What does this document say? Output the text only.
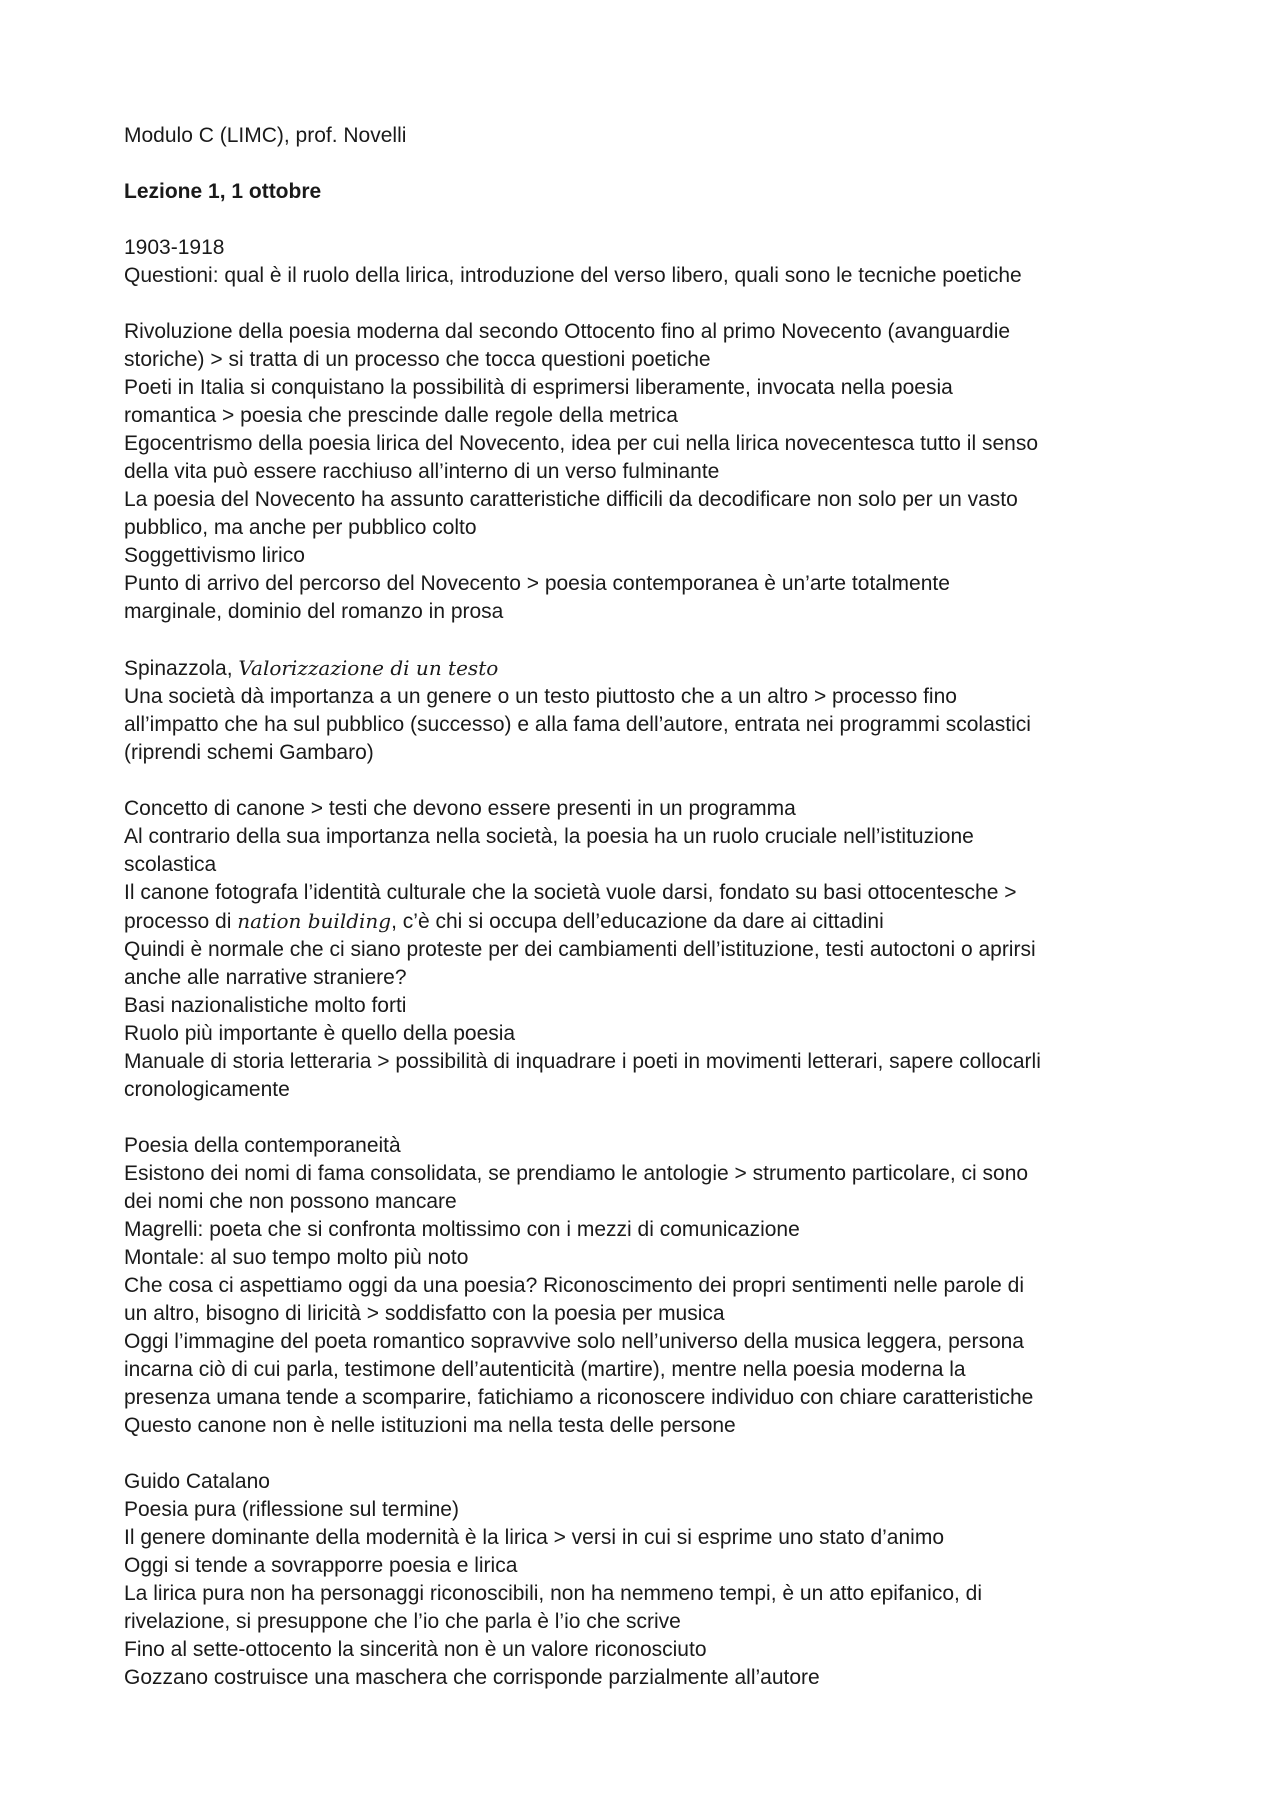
Modulo C (LIMC), prof. Novelli

Lezione 1, 1 ottobre

1903-1918

Questioni: qual è il ruolo della lirica, introduzione del verso libero, quali sono le tecniche poetiche

Rivoluzione della poesia moderna dal secondo Ottocento fino al primo Novecento (avanguardie

storiche) > si tratta di un processo che tocca questioni poetiche

Poeti in Italia si conquistano la possibilità di esprimersi liberamente, invocata nella poesia

romantica > poesia che prescinde dalle regole della metrica

Egocentrismo della poesia lirica del Novecento, idea per cui nella lirica novecentesca tutto il senso

della vita può essere racchiuso all’interno di un verso fulminante

La poesia del Novecento ha assunto caratteristiche difficili da decodificare non solo per un vasto

pubblico, ma anche per pubblico colto

Soggettivismo lirico

Punto di arrivo del percorso del Novecento > poesia contemporanea è un’arte totalmente

marginale, dominio del romanzo in prosa

Spinazzola, Valorizzazione di un testo

Una società dà importanza a un genere o un testo piuttosto che a un altro > processo fino

all’impatto che ha sul pubblico (successo) e alla fama dell’autore, entrata nei programmi scolastici

(riprendi schemi Gambaro)

Concetto di canone > testi che devono essere presenti in un programma

Al contrario della sua importanza nella società, la poesia ha un ruolo cruciale nell’istituzione

scolastica

Il canone fotografa l’identità culturale che la società vuole darsi, fondato su basi ottocentesche >

processo di nation building, c’è chi si occupa dell’educazione da dare ai cittadini

Quindi è normale che ci siano proteste per dei cambiamenti dell’istituzione, testi autoctoni o aprirsi

anche alle narrative straniere?

Basi nazionalistiche molto forti

Ruolo più importante è quello della poesia

Manuale di storia letteraria > possibilità di inquadrare i poeti in movimenti letterari, sapere collocarli

cronologicamente

Poesia della contemporaneità

Esistono dei nomi di fama consolidata, se prendiamo le antologie > strumento particolare, ci sono

dei nomi che non possono mancare

Magrelli: poeta che si confronta moltissimo con i mezzi di comunicazione

Montale: al suo tempo molto più noto

Che cosa ci aspettiamo oggi da una poesia? Riconoscimento dei propri sentimenti nelle parole di

un altro, bisogno di liricità > soddisfatto con la poesia per musica

Oggi l’immagine del poeta romantico sopravvive solo nell’universo della musica leggera, persona

incarna ciò di cui parla, testimone dell’autenticità (martire), mentre nella poesia moderna la

presenza umana tende a scomparire, fatichiamo a riconoscere individuo con chiare caratteristiche

Questo canone non è nelle istituzioni ma nella testa delle persone

Guido Catalano

Poesia pura (riflessione sul termine)

Il genere dominante della modernità è la lirica > versi in cui si esprime uno stato d’animo

Oggi si tende a sovrapporre poesia e lirica

La lirica pura non ha personaggi riconoscibili, non ha nemmeno tempi, è un atto epifanico, di

rivelazione, si presuppone che l’io che parla è l’io che scrive

Fino al sette-ottocento la sincerità non è un valore riconosciuto

Gozzano costruisce una maschera che corrisponde parzialmente all’autore
